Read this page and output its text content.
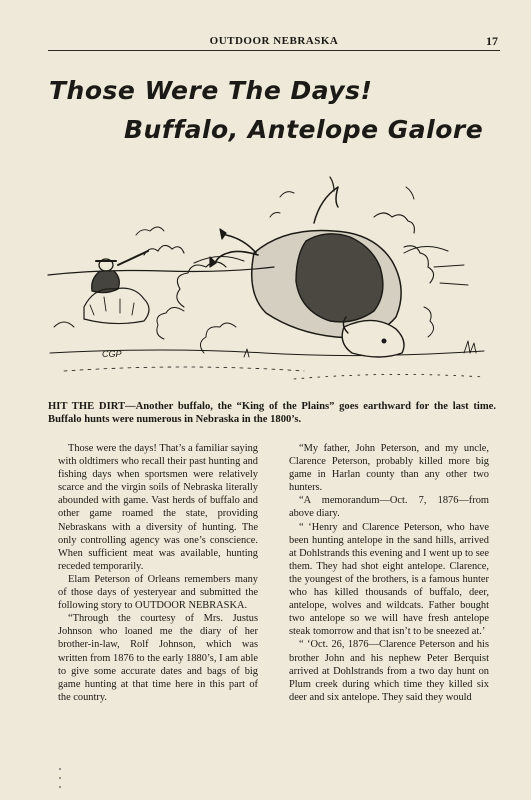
OUTDOOR NEBRASKA	17
Those Were The Days!
Buffalo, Antelope Galore
CGP
HIT THE DIRT—Another buffalo, the “King of the Plains” goes earthward for the last time. Buffalo hunts were numerous in Nebraska in the 1800’s.

Those were the days! That’s a familiar saying with oldtimers who recall their past hunting and fishing days when sportsmen were relatively scarce and the virgin soils of Nebraska literally abounded with game. Vast herds of buffalo and other game roamed the state, providing Nebraskans with a diversity of hunting. The only controlling agency was one’s conscience. When sufficient meat was available, hunting receded temporarily.

Elam Peterson of Orleans remembers many of those days of yesteryear and submitted the following story to OUTDOOR NEBRASKA.

“Through the courtesy of Mrs. Justus Johnson who loaned me the diary of her brother-in-law, Rolf Johnson, which was written from 1876 to the early 1880’s, I am able to give some accurate dates and bags of big game hunting at that time here in this part of the country.

“My father, John Peterson, and my uncle, Clarence Peterson, probably killed more big game in Harlan county than any other two hunters.

“A memorandum—Oct. 7, 1876—from above diary.

“ ‘Henry and Clarence Peterson, who have been hunting antelope in the sand hills, arrived at Dohlstrands this evening and I went up to see them. They had shot eight antelope. Clarence, the youngest of the brothers, is a famous hunter who has killed thousands of buffalo, deer, antelope, wolves and wildcats. Father bought two antelope so we will have fresh antelope steak tomorrow and that isn’t to be sneezed at.’

“ ‘Oct. 26, 1876—Clarence Peterson and his brother John and his nephew Peter Berquist arrived at Dohlstrands from a two day hunt on Plum creek during which time they killed six deer and six antelope. They said they would
